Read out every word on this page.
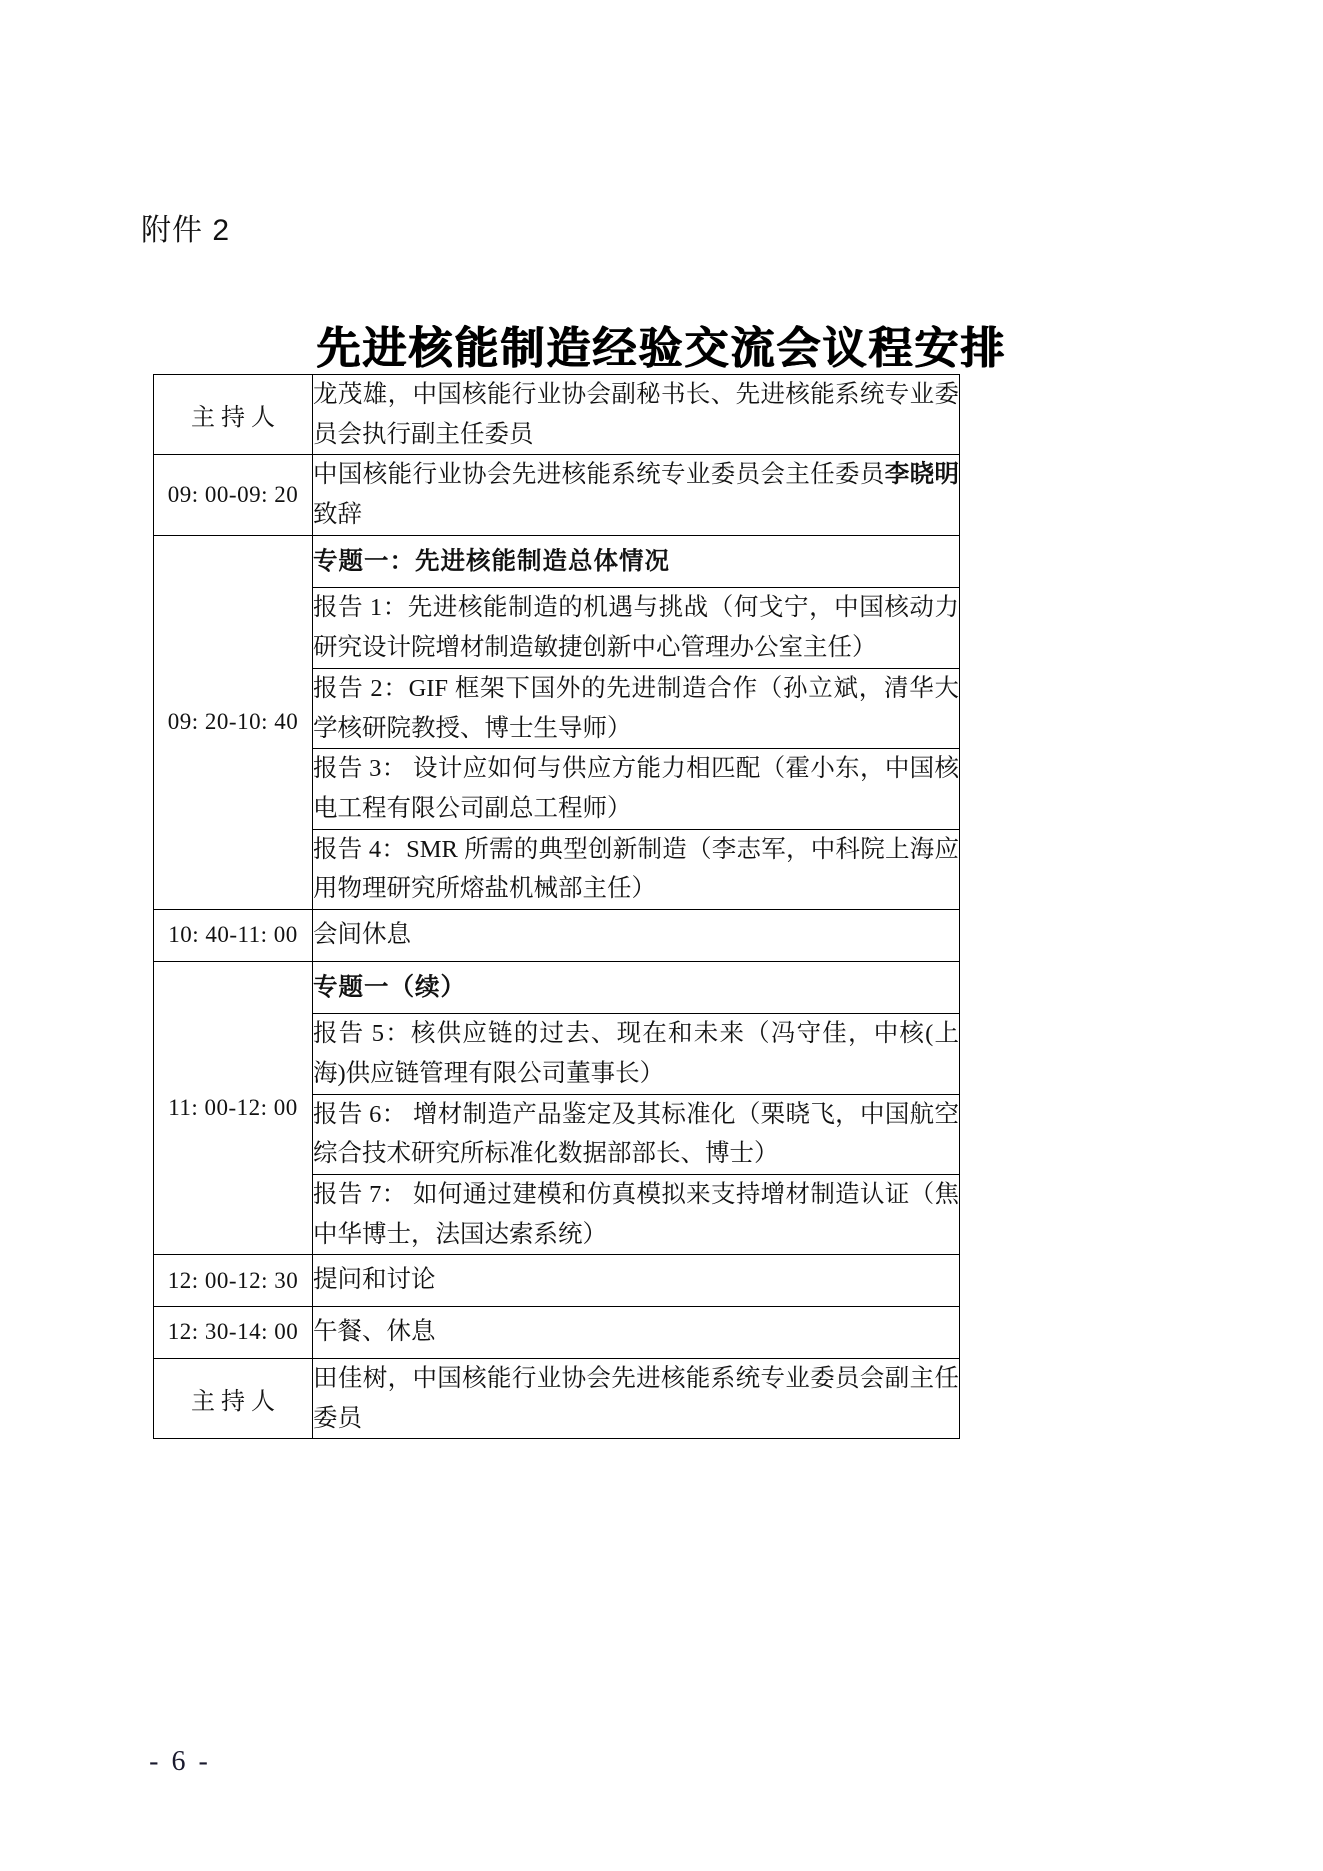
附件 2
先进核能制造经验交流会议程安排
主持人	龙茂雄，中国核能行业协会副秘书长、先进核能系统专业委员会执行副主任委员
09: 00-09: 20	中国核能行业协会先进核能系统专业委员会主任委员李晓明致辞
09: 20-10: 40	专题一：先进核能制造总体情况
	报告 1：先进核能制造的机遇与挑战（何戈宁，中国核动力研究设计院增材制造敏捷创新中心管理办公室主任）
	报告 2：GIF 框架下国外的先进制造合作（孙立斌，清华大学核研院教授、博士生导师）
	报告 3： 设计应如何与供应方能力相匹配（霍小东，中国核电工程有限公司副总工程师）
	报告 4：SMR 所需的典型创新制造（李志军，中科院上海应用物理研究所熔盐机械部主任）
10: 40-11: 00	会间休息
11: 00-12: 00	专题一（续）
	报告 5：核供应链的过去、现在和未来（冯守佳，中核(上海)供应链管理有限公司董事长）
	报告 6： 增材制造产品鉴定及其标准化（栗晓飞，中国航空综合技术研究所标准化数据部部长、博士）
	报告 7： 如何通过建模和仿真模拟来支持增材制造认证（焦中华博士，法国达索系统）
12: 00-12: 30	提问和讨论
12: 30-14: 00	午餐、休息
主持人	田佳树，中国核能行业协会先进核能系统专业委员会副主任委员
- 6 -
